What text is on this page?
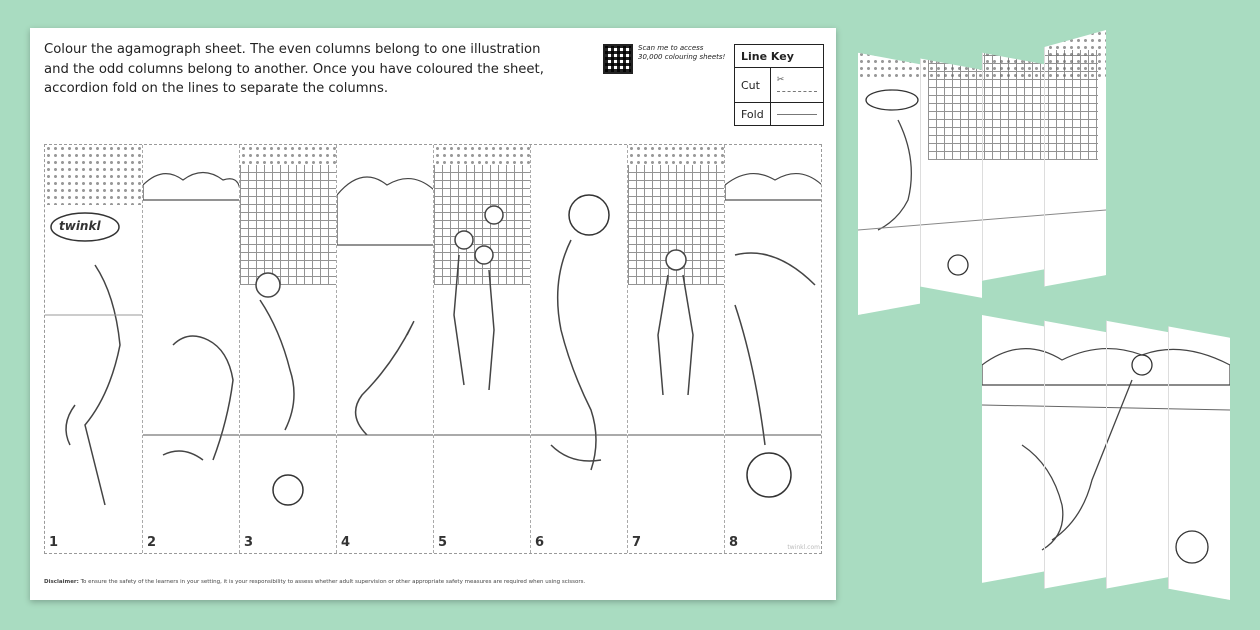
Colour the agamograph sheet. The even columns belong to one illustration and the odd columns belong to another. Once you have coloured the sheet, accordion fold on the lines to separate the columns.
Scan me to access 30,000 colouring sheets! Line Key	
Cut	✂
Fold	
twinkl
1	2	3	4	5	6	7	8	twinkl.com
Disclaimer: To ensure the safety of the learners in your setting, it is your responsibility to assess whether adult supervision or other appropriate safety measures are required when using scissors.
